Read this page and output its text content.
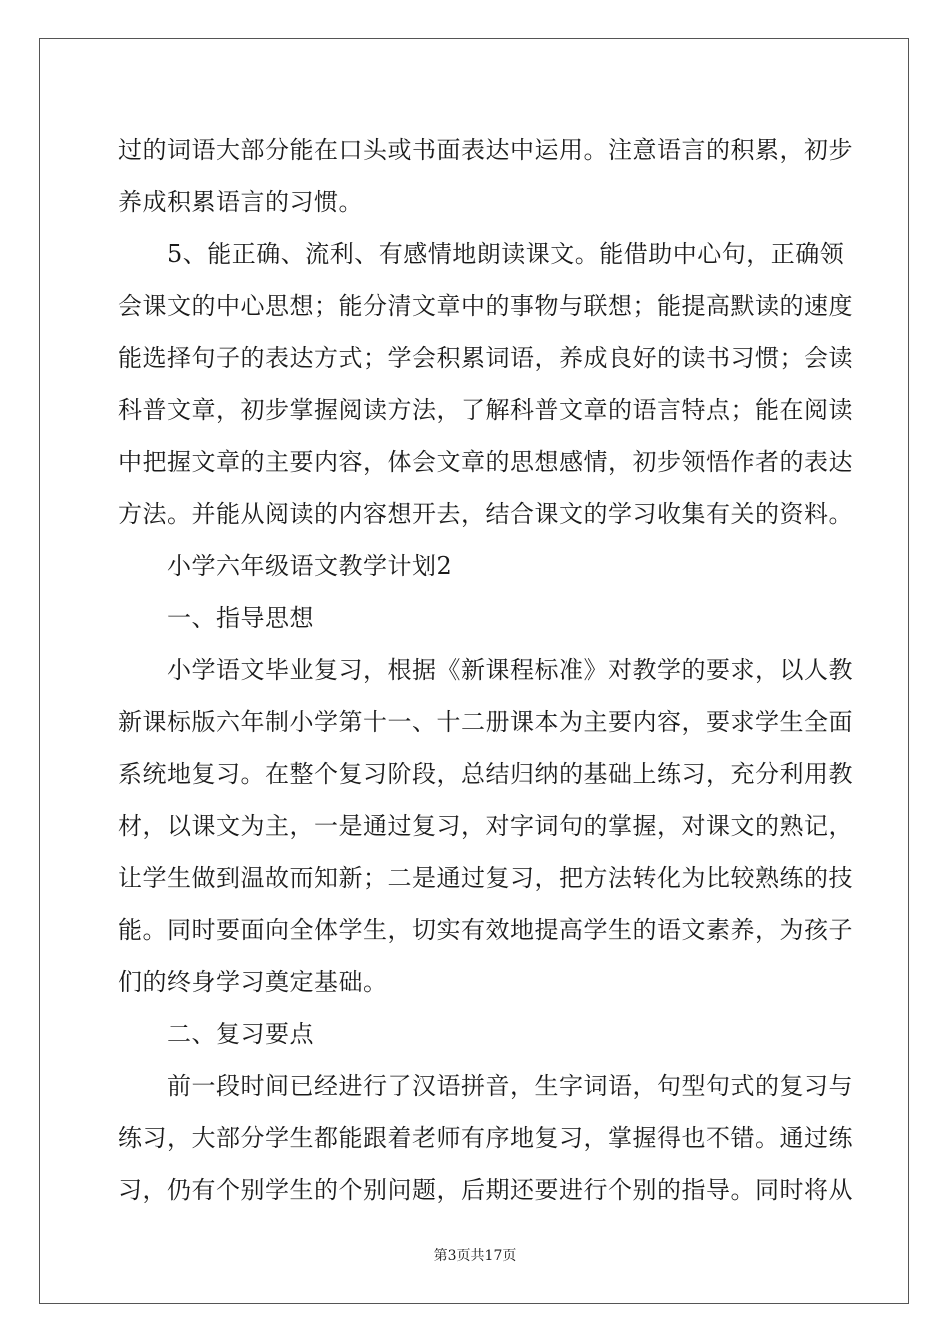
过的词语大部分能在口头或书面表达中运用。注意语言的积累，初步
养成积累语言的习惯。
　　5、能正确、流利、有感情地朗读课文。能借助中心句，正确领
会课文的中心思想；能分清文章中的事物与联想；能提高默读的速度
能选择句子的表达方式；学会积累词语，养成良好的读书习惯；会读
科普文章，初步掌握阅读方法，了解科普文章的语言特点；能在阅读
中把握文章的主要内容，体会文章的思想感情，初步领悟作者的表达
方法。并能从阅读的内容想开去，结合课文的学习收集有关的资料。
　　小学六年级语文教学计划2
　　一、指导思想
　　小学语文毕业复习，根据《新课程标准》对教学的要求，以人教
新课标版六年制小学第十一、十二册课本为主要内容，要求学生全面
系统地复习。在整个复习阶段，总结归纳的基础上练习，充分利用教
材，以课文为主，一是通过复习，对字词句的掌握，对课文的熟记，
让学生做到温故而知新；二是通过复习，把方法转化为比较熟练的技
能。同时要面向全体学生，切实有效地提高学生的语文素养，为孩子
们的终身学习奠定基础。
　　二、复习要点
　　前一段时间已经进行了汉语拼音，生字词语，句型句式的复习与
练习，大部分学生都能跟着老师有序地复习，掌握得也不错。通过练
习，仍有个别学生的个别问题，后期还要进行个别的指导。同时将从
第3页共17页
